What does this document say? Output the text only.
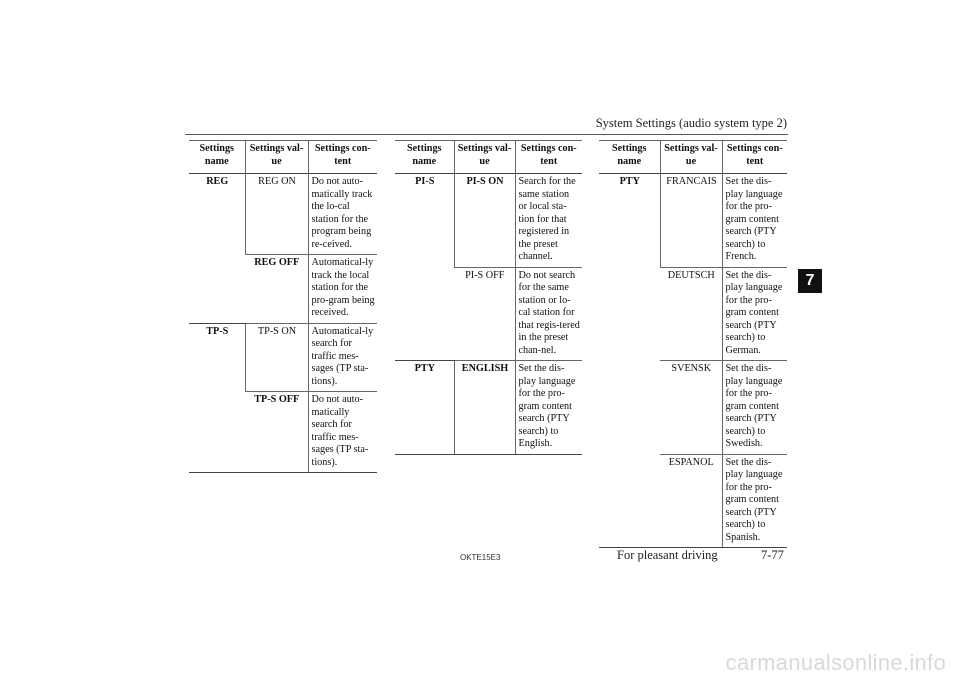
System Settings (audio system type 2)
7
Settings name	Settings val-ue	Settings con-tent
REG	REG ON	Do not auto-matically track the lo-cal station for the program being re-ceived.
	REG OFF	Automatical-ly track the local station for the pro-gram being received.
TP-S	TP-S ON	Automatical-ly search for traffic mes-sages (TP sta-tions).
	TP-S OFF	Do not auto-matically search for traffic mes-sages (TP sta-tions).
Settings name	Settings val-ue	Settings con-tent
PI-S	PI-S ON	Search for the same station or local sta-tion for that registered in the preset channel.
	PI-S OFF	Do not search for the same station or lo-cal station for that regis-tered in the preset chan-nel.
PTY	ENGLISH	Set the dis-play language for the pro-gram content search (PTY search) to English.
Settings name	Settings val-ue	Settings con-tent
PTY	FRANCAIS	Set the dis-play language for the pro-gram content search (PTY search) to French.
	DEUTSCH	Set the dis-play language for the pro-gram content search (PTY search) to German.
	SVENSK	Set the dis-play language for the pro-gram content search (PTY search) to Swedish.
	ESPANOL	Set the dis-play language for the pro-gram content search (PTY search) to Spanish.
OKTE15E3	For pleasant driving	7-77
carmanualsonline.info
